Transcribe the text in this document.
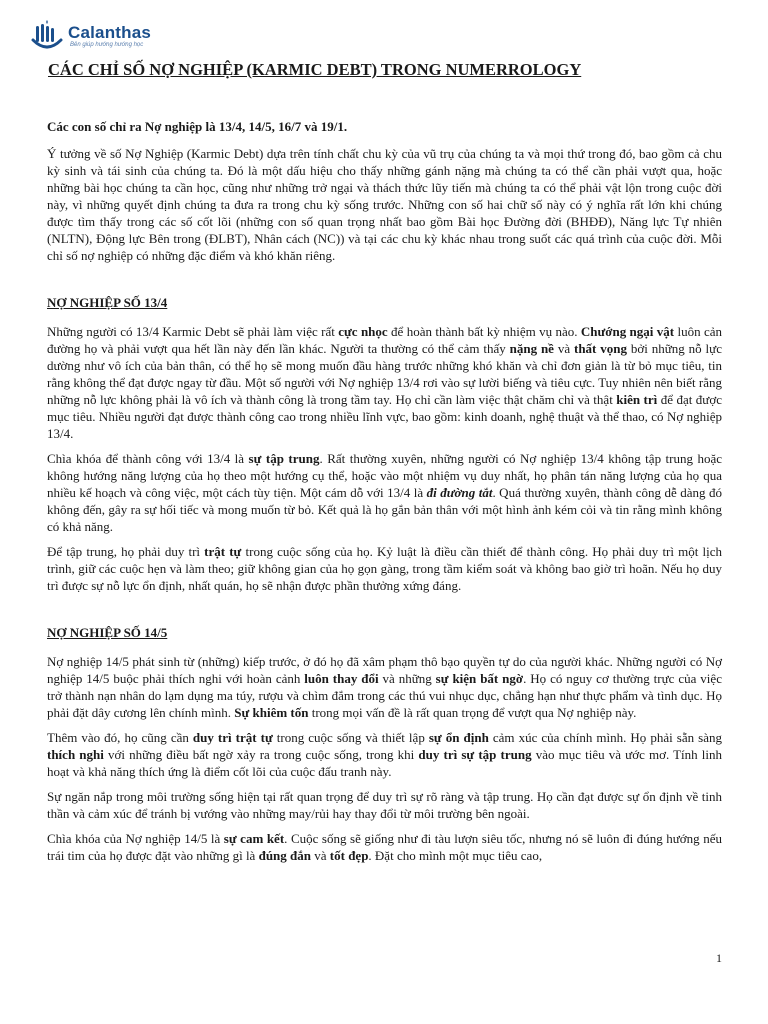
Calanthas
Bên giúp hướng hướng học
CÁC CHỈ SỐ NỢ NGHIỆP (KARMIC DEBT) TRONG NUMERROLOGY

Các con số chỉ ra Nợ nghiệp là 13/4, 14/5, 16/7 và 19/1.

Ý tưởng về số Nợ Nghiệp (Karmic Debt) dựa trên tính chất chu kỳ của vũ trụ của chúng ta và mọi thứ trong đó, bao gồm cả chu kỳ sinh và tái sinh của chúng ta. Đó là một dấu hiệu cho thấy những gánh nặng mà chúng ta có thể cần phải vượt qua, hoặc những bài học chúng ta cần học, cũng như những trở ngại và thách thức lũy tiến mà chúng ta có thể phải vật lộn trong cuộc đời này, vì những quyết định chúng ta đưa ra trong chu kỳ sống trước. Những con số hai chữ số này có ý nghĩa rất lớn khi chúng được tìm thấy trong các số cốt lõi (những con số quan trọng nhất bao gồm Bài học Đường đời (BHĐĐ), Năng lực Tự nhiên (NLTN), Động lực Bên trong (ĐLBT), Nhân cách (NC)) và tại các chu kỳ khác nhau trong suốt các quá trình của cuộc đời. Mỗi chỉ số nợ nghiệp có những đặc điểm và khó khăn riêng.

NỢ NGHIỆP SỐ 13/4

Những người có 13/4 Karmic Debt sẽ phải làm việc rất cực nhọc để hoàn thành bất kỳ nhiệm vụ nào. Chướng ngại vật luôn cản đường họ và phải vượt qua hết lần này đến lần khác. Người ta thường có thể cảm thấy nặng nề và thất vọng bởi những nỗ lực dường như vô ích của bản thân, có thể họ sẽ mong muốn đầu hàng trước những khó khăn và chỉ đơn giản là từ bỏ mục tiêu, tin rằng không thể đạt được ngay từ đầu. Một số người với Nợ nghiệp 13/4 rơi vào sự lười biếng và tiêu cực. Tuy nhiên nên biết rằng những nỗ lực không phải là vô ích và thành công là trong tầm tay. Họ chỉ cần làm việc thật chăm chỉ và thật kiên trì để đạt được mục tiêu. Nhiều người đạt được thành công cao trong nhiều lĩnh vực, bao gồm: kinh doanh, nghệ thuật và thể thao, có Nợ nghiệp 13/4.

Chìa khóa để thành công với 13/4 là sự tập trung. Rất thường xuyên, những người có Nợ nghiệp 13/4 không tập trung hoặc không hướng năng lượng của họ theo một hướng cụ thể, hoặc vào một nhiệm vụ duy nhất, họ phân tán năng lượng của họ qua nhiều kế hoạch và công việc, một cách tùy tiện. Một cám dỗ với 13/4 là đi đường tắt. Quá thường xuyên, thành công dễ dàng đó không đến, gây ra sự hối tiếc và mong muốn từ bỏ. Kết quả là họ gắn bản thân với một hình ảnh kém cỏi và tin rằng mình không có khả năng.

Để tập trung, họ phải duy trì trật tự trong cuộc sống của họ. Kỷ luật là điều cần thiết để thành công. Họ phải duy trì một lịch trình, giữ các cuộc hẹn và làm theo; giữ không gian của họ gọn gàng, trong tầm kiểm soát và không bao giờ trì hoãn. Nếu họ duy trì được sự nỗ lực ổn định, nhất quán, họ sẽ nhận được phần thưởng xứng đáng.

NỢ NGHIỆP SỐ 14/5

Nợ nghiệp 14/5 phát sinh từ (những) kiếp trước, ở đó họ đã xâm phạm thô bạo quyền tự do của người khác. Những người có Nợ nghiệp 14/5 buộc phải thích nghi với hoàn cảnh luôn thay đổi và những sự kiện bất ngờ. Họ có nguy cơ thường trực của việc trở thành nạn nhân do lạm dụng ma túy, rượu và chìm đắm trong các thú vui nhục dục, chẳng hạn như thực phẩm và tình dục. Họ phải đặt dây cương lên chính mình. Sự khiêm tốn trong mọi vấn đề là rất quan trọng để vượt qua Nợ nghiệp này.

Thêm vào đó, họ cũng cần duy trì trật tự trong cuộc sống và thiết lập sự ổn định cảm xúc của chính mình. Họ phải sẵn sàng thích nghi với những điều bất ngờ xảy ra trong cuộc sống, trong khi duy trì sự tập trung vào mục tiêu và ước mơ. Tính linh hoạt và khả năng thích ứng là điểm cốt lõi của cuộc đấu tranh này.

Sự ngăn nắp trong môi trường sống hiện tại rất quan trọng để duy trì sự rõ ràng và tập trung. Họ cần đạt được sự ổn định về tinh thần và cảm xúc để tránh bị vướng vào những may/rủi hay thay đổi từ môi trường bên ngoài.

Chìa khóa của Nợ nghiệp 14/5 là sự cam kết. Cuộc sống sẽ giống như đi tàu lượn siêu tốc, nhưng nó sẽ luôn đi đúng hướng nếu trái tim của họ được đặt vào những gì là đúng đắn và tốt đẹp. Đặt cho mình một mục tiêu cao,

1
